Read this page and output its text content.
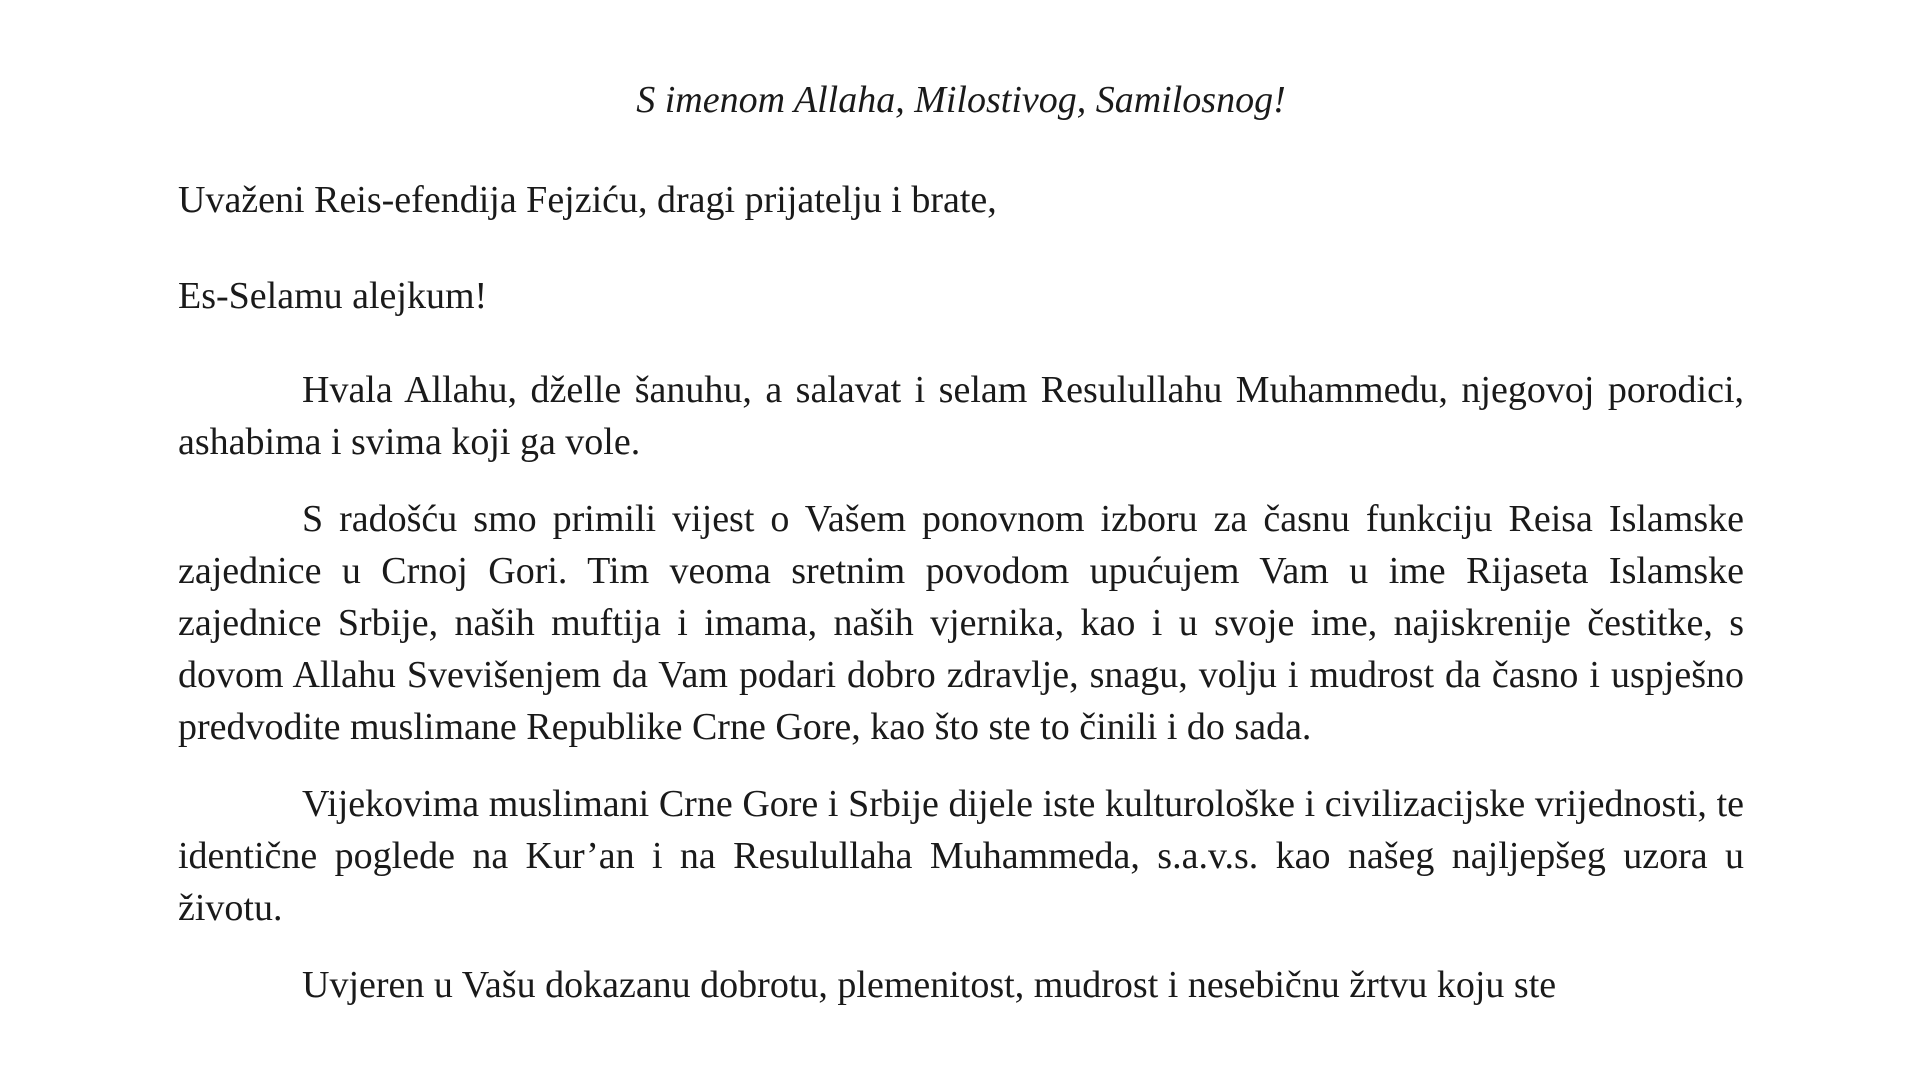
S imenom Allaha, Milostivog, Samilosnog!

Uvaženi Reis-efendija Fejziću, dragi prijatelju i brate,

Es-Selamu alejkum!

Hvala Allahu, dželle šanuhu, a salavat i selam Resulullahu Muhammedu, njegovoj porodici, ashabima i svima koji ga vole.

S radošću smo primili vijest o Vašem ponovnom izboru za časnu funkciju Reisa Islamske zajednice u Crnoj Gori. Tim veoma sretnim povodom upućujem Vam u ime Rijaseta Islamske zajednice Srbije, naših muftija i imama, naših vjernika, kao i u svoje ime, najiskrenije čestitke, s dovom Allahu Svevišenjem da Vam podari dobro zdravlje, snagu, volju i mudrost da časno i uspješno predvodite muslimane Republike Crne Gore, kao što ste to činili i do sada.

Vijekovima muslimani Crne Gore i Srbije dijele iste kulturološke i civilizacijske vrijednosti, te identične poglede na Kur’an i na Resulullaha Muhammeda, s.a.v.s. kao našeg najljepšeg uzora u životu.

Uvjeren u Vašu dokazanu dobrotu, plemenitost, mudrost i nesebičnu žrtvu koju ste
